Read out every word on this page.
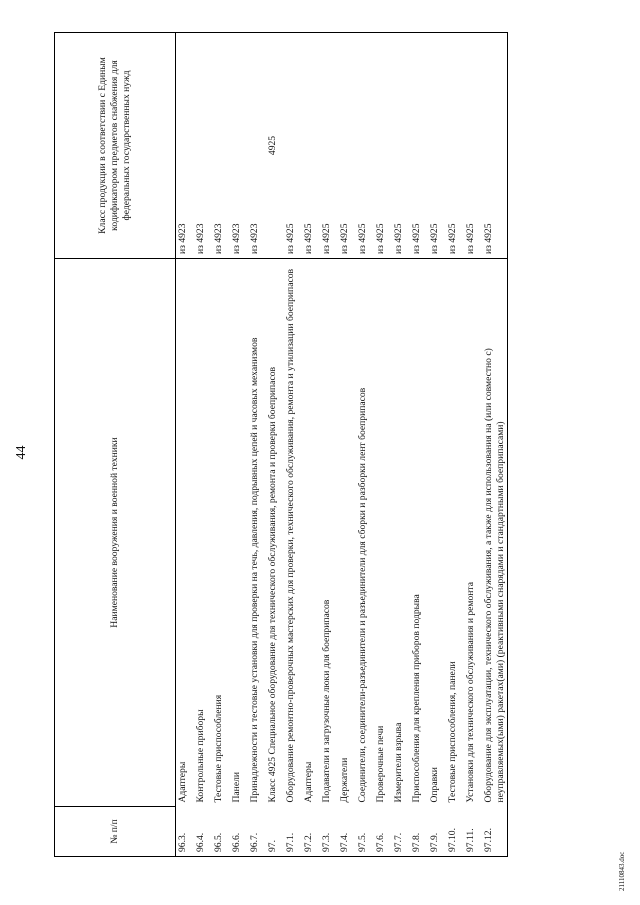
44
№ п/п	Наименование вооружения и военной техники	Класс продукции в соответствии с Единым кодификатором предметов снабжения для федеральных государственных нужд
96.3.	Адаптеры	из 4923
96.4.	Контрольные приборы	из 4923
96.5.	Тестовые приспособления	из 4923
96.6.	Панели	из 4923
96.7.	Принадлежности и тестовые установки для проверки на течь, давления, подрывных цепей и часовых механизмов	из 4923
97.	Класс 4925 Специальное оборудование для технического обслуживания, ремонта и проверки боеприпасов	4925
97.1.	Оборудование ремонтно-проверочных мастерских для проверки, технического обслуживания, ремонта и утилизации боеприпасов	из 4925
97.2.	Адаптеры	из 4925
97.3.	Подаватели и загрузочные люки для боеприпасов	из 4925
97.4.	Держатели	из 4925
97.5.	Соединители, соединители-разъединители и разъединители для сборки и разборки лент боеприпасов	из 4925
97.6.	Проверочные печи	из 4925
97.7.	Измерители взрыва	из 4925
97.8.	Приспособления для крепления приборов подрыва	из 4925
97.9.	Оправки	из 4925
97.10.	Тестовые приспособления, панели	из 4925
97.11.	Установки для технического обслуживания и ремонта	из 4925
97.12.	Оборудование для эксплуатации, технического обслуживания, а также для использования на (или совместно с) неуправляемых(ыми) ракетах(ами) (реактивными снарядами и стандартными боеприпасами)	из 4925
21110843.doc
